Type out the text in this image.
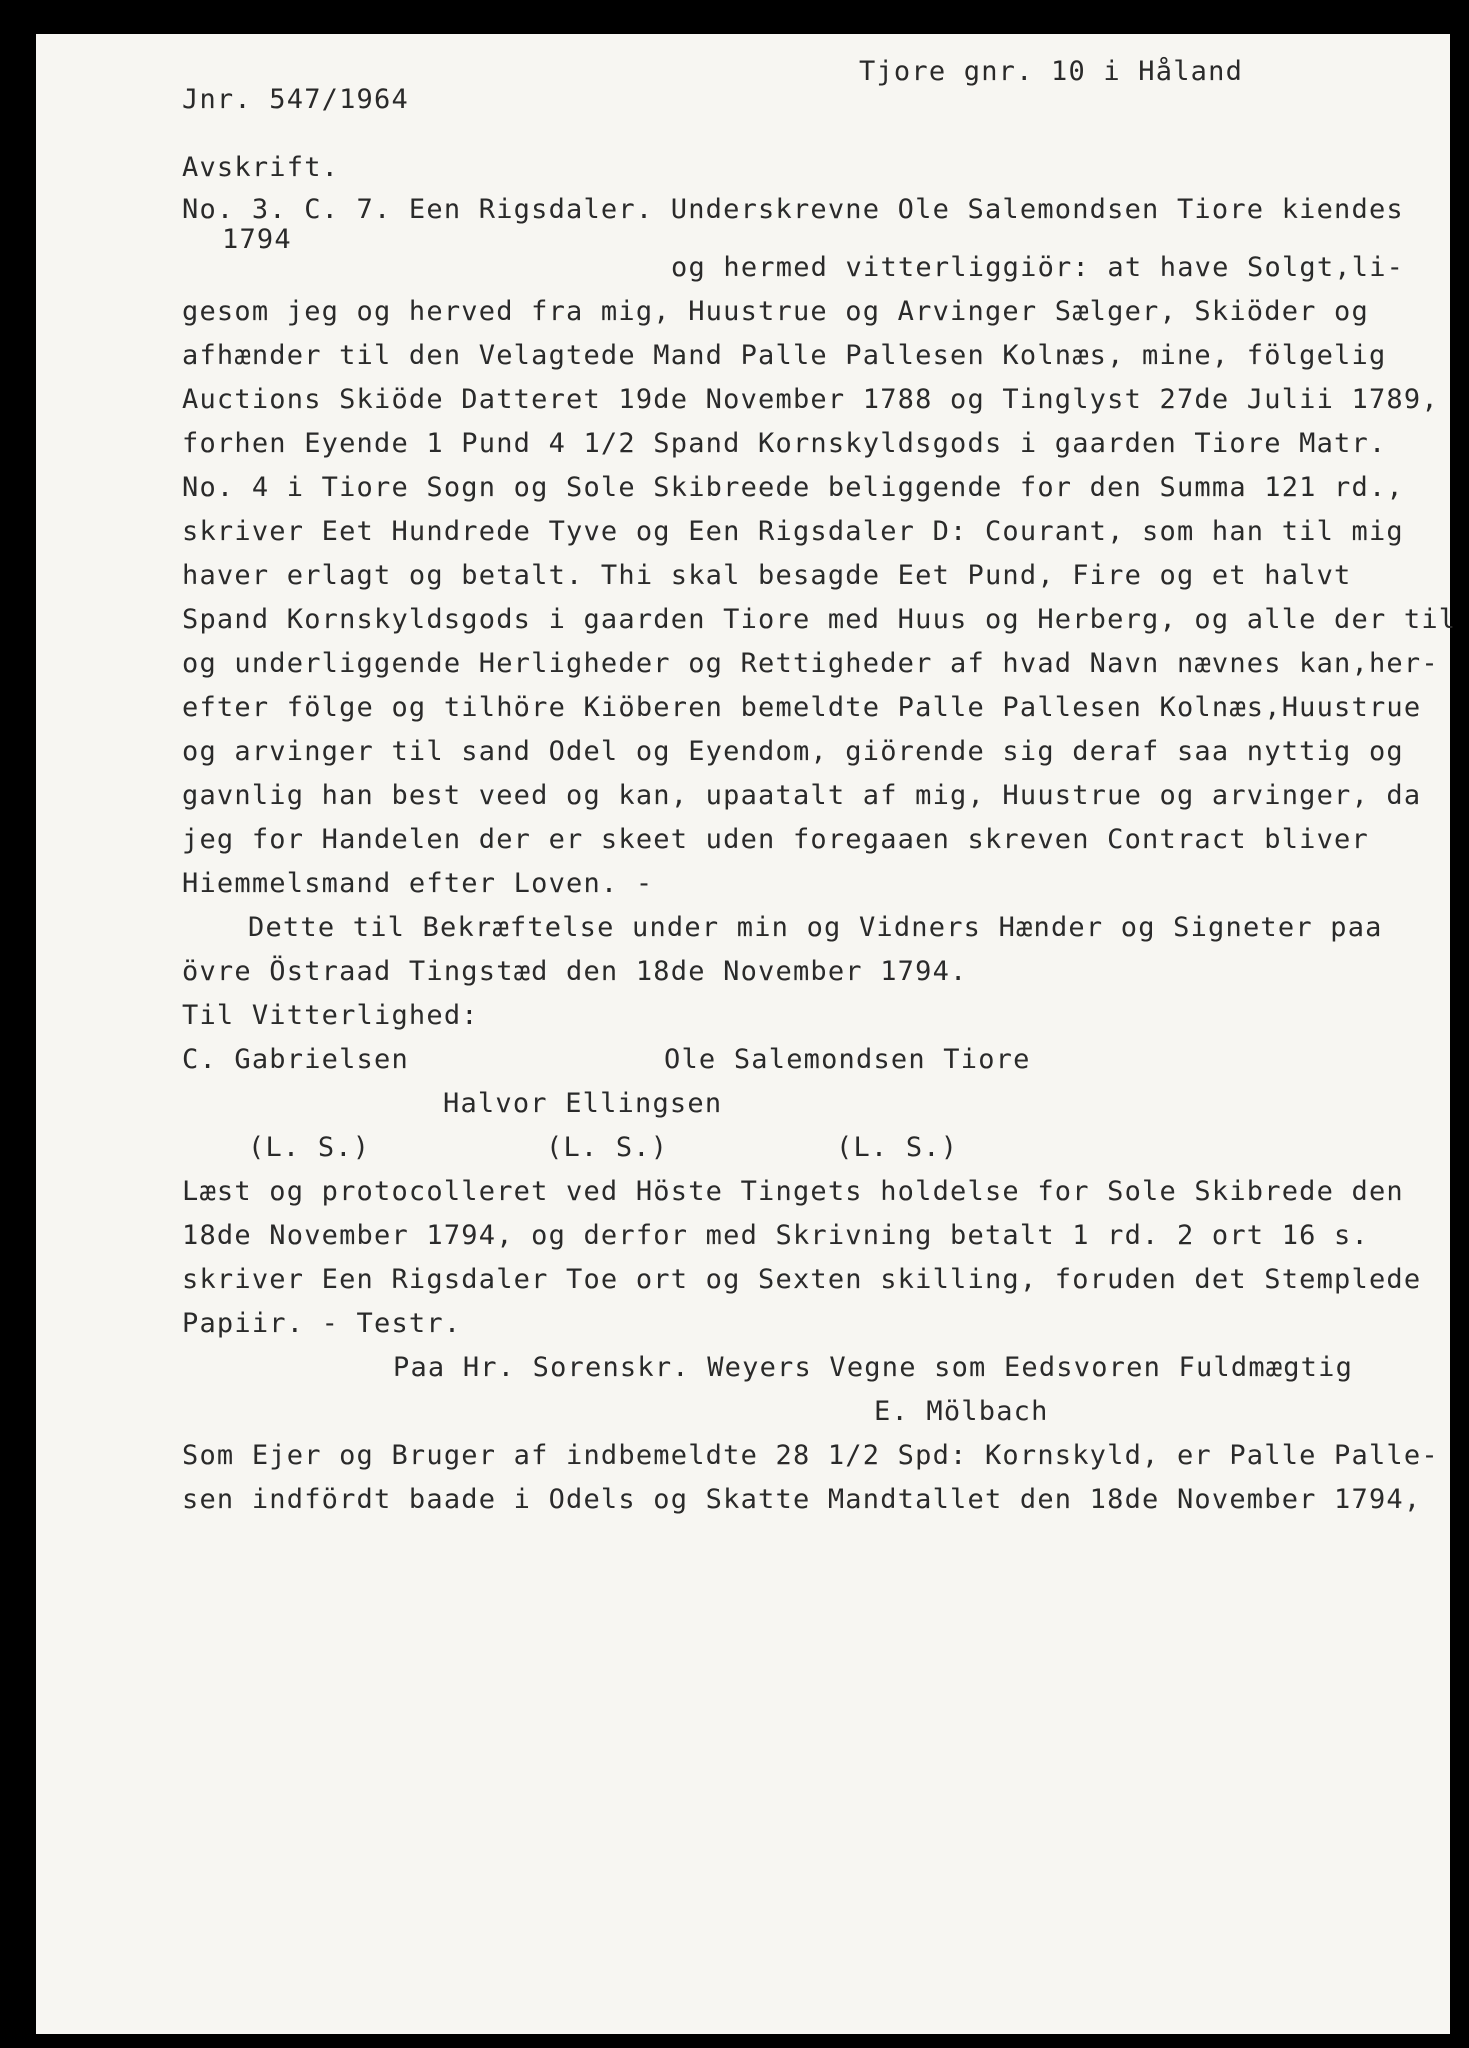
Tjore gnr. 10 i Håland
Jnr. 547/1964
Avskrift.
No. 3. C. 7. Een Rigsdaler. Underskrevne Ole Salemondsen Tiore kiendes
1794
og hermed vitterliggiör: at have Solgt,li-
gesom jeg og herved fra mig, Huustrue og Arvinger Sælger, Skiöder og
afhænder til den Velagtede Mand Palle Pallesen Kolnæs, mine, fölgelig
Auctions Skiöde Datteret 19de November 1788 og Tinglyst 27de Julii 1789,
forhen Eyende 1 Pund 4 1/2 Spand Kornskyldsgods i gaarden Tiore Matr.
No. 4 i Tiore Sogn og Sole Skibreede beliggende for den Summa 121 rd.,
skriver Eet Hundrede Tyve og Een Rigsdaler D: Courant, som han til mig
haver erlagt og betalt. Thi skal besagde Eet Pund, Fire og et halvt
Spand Kornskyldsgods i gaarden Tiore med Huus og Herberg, og alle der til
og underliggende Herligheder og Rettigheder af hvad Navn nævnes kan,her-
efter fölge og tilhöre Kiöberen bemeldte Palle Pallesen Kolnæs,Huustrue
og arvinger til sand Odel og Eyendom, giörende sig deraf saa nyttig og
gavnlig han best veed og kan, upaatalt af mig, Huustrue og arvinger, da
jeg for Handelen der er skeet uden foregaaen skreven Contract bliver
Hiemmelsmand efter Loven. -
Dette til Bekræftelse under min og Vidners Hænder og Signeter paa
övre Östraad Tingstæd den 18de November 1794.
Til Vitterlighed:
C. Gabrielsen	Ole Salemondsen Tiore
Halvor Ellingsen
(L. S.)	(L. S.)	(L. S.)
Læst og protocolleret ved Höste Tingets holdelse for Sole Skibrede den
18de November 1794, og derfor med Skrivning betalt 1 rd. 2 ort 16 s.
skriver Een Rigsdaler Toe ort og Sexten skilling, foruden det Stemplede
Papiir. - Testr.
Paa Hr. Sorenskr. Weyers Vegne som Eedsvoren Fuldmægtig
E. Mölbach
Som Ejer og Bruger af indbemeldte 28 1/2 Spd: Kornskyld, er Palle Palle-
sen indfördt baade i Odels og Skatte Mandtallet den 18de November 1794,
